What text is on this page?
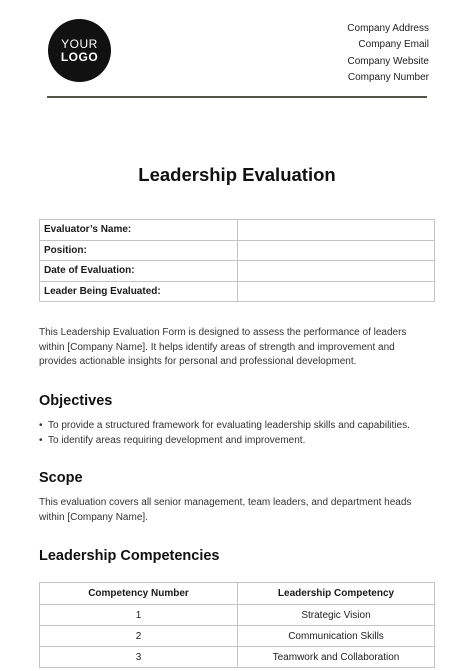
YOUR
LOGO
Company Address
Company Email
Company Website
Company Number
Leadership Evaluation
Evaluator’s Name:	
Position:	
Date of Evaluation:	
Leader Being Evaluated:	
This Leadership Evaluation Form is designed to assess the performance of leaders
within [Company Name]. It helps identify areas of strength and improvement and
provides actionable insights for personal and professional development.
Objectives
• To provide a structured framework for evaluating leadership skills and capabilities.
• To identify areas requiring development and improvement.
Scope
This evaluation covers all senior management, team leaders, and department heads
within [Company Name].
Leadership Competencies
Competency Number	Leadership Competency
1	Strategic Vision
2	Communication Skills
3	Teamwork and Collaboration
